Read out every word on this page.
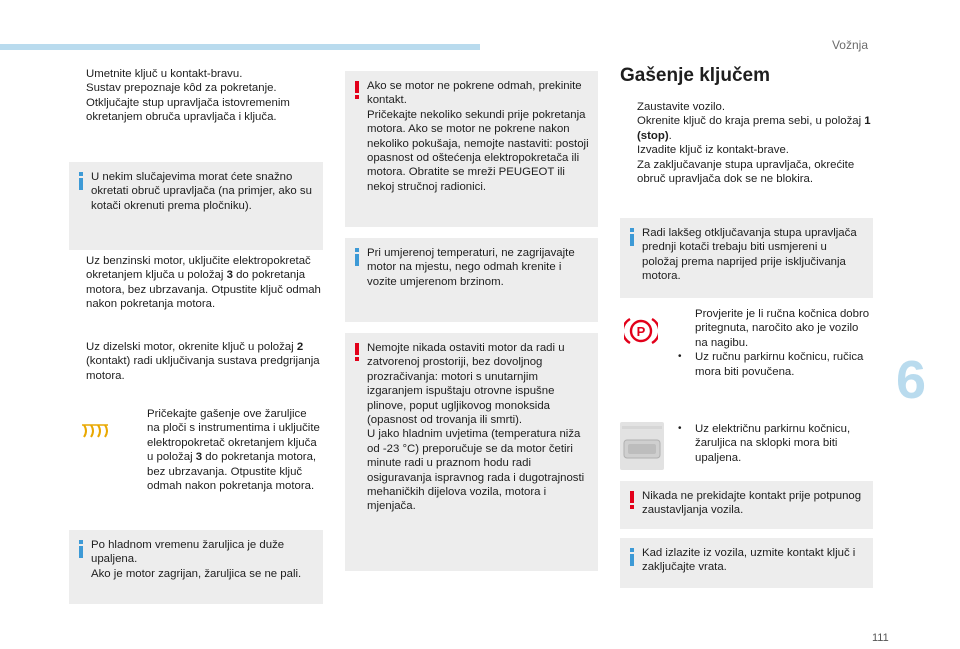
Vožnja
6
111
Umetnite ključ u kontakt-bravu.
Sustav prepoznaje kôd za pokretanje.
Otključajte stup upravljača istovremenim okretanjem obruča upravljača i ključa.
U nekim slučajevima morat ćete snažno okretati obruč upravljača (na primjer, ako su kotači okrenuti prema pločniku).
Uz benzinski motor, uključite elektropokretač okretanjem ključa u položaj 3 do pokretanja motora, bez ubrzavanja. Otpustite ključ odmah nakon pokretanja motora.
Uz dizelski motor, okrenite ključ u položaj 2 (kontakt) radi uključivanja sustava predgrijanja motora.
Pričekajte gašenje ove žaruljice na ploči s instrumentima i uključite elektropokretač okretanjem ključa u položaj 3 do pokretanja motora, bez ubrzavanja. Otpustite ključ odmah nakon pokretanja motora.
Po hladnom vremenu žaruljica je duže upaljena.
Ako je motor zagrijan, žaruljica se ne pali.
Ako se motor ne pokrene odmah, prekinite kontakt.
Pričekajte nekoliko sekundi prije pokretanja motora. Ako se motor ne pokrene nakon nekoliko pokušaja, nemojte nastaviti: postoji opasnost od oštećenja elektropokretača ili motora. Obratite se mreži PEUGEOT ili nekoj stručnoj radionici.
Pri umjerenoj temperaturi, ne zagrijavajte motor na mjestu, nego odmah krenite i vozite umjerenom brzinom.
Nemojte nikada ostaviti motor da radi u zatvorenoj prostoriji, bez dovoljnog prozračivanja: motori s unutarnjim izgaranjem ispuštaju otrovne ispušne plinove, poput ugljikovog monoksida (opasnost od trovanja ili smrti).
U jako hladnim uvjetima (temperatura niža od -23 °C) preporučuje se da motor četiri minute radi u praznom hodu radi osiguravanja ispravnog rada i dugotrajnosti mehaničkih dijelova vozila, motora i mjenjača.
Gašenje ključem
Zaustavite vozilo.
Okrenite ključ do kraja prema sebi, u položaj 1 (stop).
Izvadite ključ iz kontakt-brave.
Za zaključavanje stupa upravljača, okrećite obruč upravljača dok se ne blokira.
Radi lakšeg otključavanja stupa upravljača prednji kotači trebaju biti usmjereni u položaj prema naprijed prije isključivanja motora.
P
Provjerite je li ručna kočnica dobro pritegnuta, naročito ako je vozilo na nagibu.
•	Uz ručnu parkirnu kočnicu, ručica mora biti povučena.
•	Uz električnu parkirnu kočnicu, žaruljica na sklopki mora biti upaljena.
Nikada ne prekidajte kontakt prije potpunog zaustavljanja vozila.
Kad izlazite iz vozila, uzmite kontakt ključ i zaključajte vrata.
